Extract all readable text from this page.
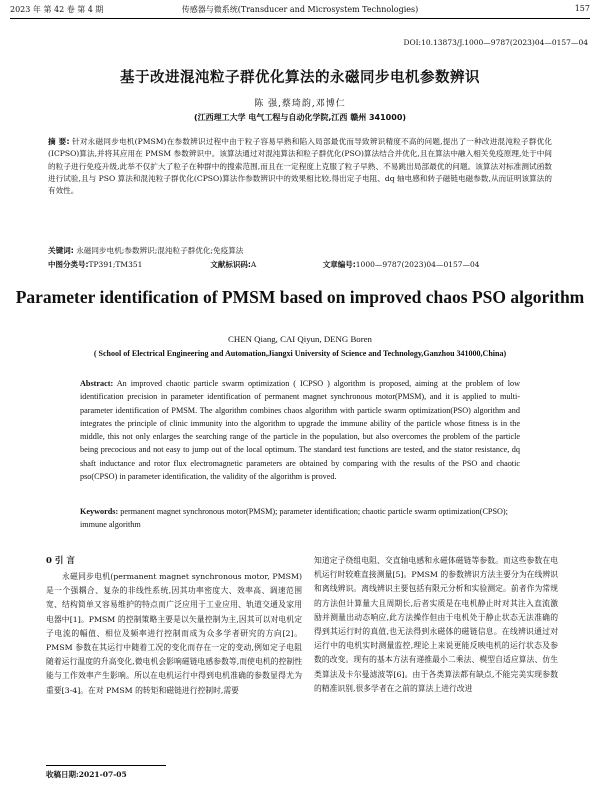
2023 年 第 42 卷 第 4 期	传感器与微系统(Transducer and Microsystem Technologies)	157
DOI:10.13873/J.1000—9787(2023)04—0157—04
基于改进混沌粒子群优化算法的永磁同步电机参数辨识
陈 强,蔡琦韵,邓博仁
(江西理工大学 电气工程与自动化学院,江西 赣州 341000)
摘 要: 针对永磁同步电机(PMSM)在参数辨识过程中由于粒子容易早熟和陷入局部最优而导致辨识精度不高的问题,提出了一种改进混沌粒子群优化(ICPSO)算法,并将其应用在 PMSM 参数辨识中。该算法通过对混沌算法和粒子群优化(PSO)算法结合并优化,且在算法中融入相关免疫原理,处于中间的粒子进行免疫升级,此举不仅扩大了粒子在种群中的搜索范围,而且在一定程度上克服了粒子早熟、不易跳出局部最优的问题。该算法对标准测试函数进行试验,且与 PSO 算法和混沌粒子群优化(CPSO)算法作参数辨识中的效果相比较,得出定子电阻、dq 轴电感和转子磁链电磁参数,从而证明该算法的有效性。
关键词: 永磁同步电机;参数辨识;混沌粒子群优化;免疫算法
中图分类号:TP391;TM351	文献标识码:A	文章编号:1000—9787(2023)04—0157—04
Parameter identification of PMSM based on improved chaos PSO algorithm
CHEN Qiang, CAI Qiyun, DENG Boren
( School of Electrical Engineering and Automation,Jiangxi University of Science and Technology,Ganzhou 341000,China)
Abstract: An improved chaotic particle swarm optimization ( ICPSO ) algorithm is proposed, aiming at the problem of low identification precision in parameter identification of permanent magnet synchronous motor(PMSM), and it is applied to multi-parameter identification of PMSM. The algorithm combines chaos algorithm with particle swarm optimization(PSO) algorithm and integrates the principle of clinic immunity into the algorithm to upgrade the immune ability of the particle whose fitness is in the middle, this not only enlarges the searching range of the particle in the population, but also overcomes the problem of the particle being precocious and not easy to jump out of the local optimum. The standard test functions are tested, and the stator resistance, dq shaft inductance and rotor flux electromagnetic parameters are obtained by comparing with the results of the PSO and chaotic pso(CPSO) in parameter identification, the validity of the algorithm is proved.
Keywords: permanent magnet synchronous motor(PMSM); parameter identification; chaotic particle swarm optimization(CPSO); immune algorithm
0 引 言
永磁同步电机(permanent magnet synchronous motor, PMSM)是一个强耦合、复杂的非线性系统,因其功率密度大、效率高、调速范围宽、结构简单又容易维护的特点而广泛应用于工业应用、轨道交通及家用电器中[1]。PMSM 的控制策略主要是以矢量控制为主,因其可以对电机定子电流的幅值、相位及频率进行控制而成为众多学者研究的方向[2]。PMSM 参数在其运行中随着工况的变化而存在一定的变动,例如定子电阻随着运行温度的升高变化,微电机会影响磁链电感参数等,而使电机的控制性能与工作效率产生影响。所以在电机运行中得到电机准确的参数显得尤为重要[3-4]。在对 PMSM 的转矩和磁链进行控制时,需要
知道定子绕组电阻、交直轴电感和永磁体磁链等参数。而这些参数在电机运行时较难直接测量[5]。PMSM 的参数辨识方法主要分为在线辨识和离线辨识。离线辨识主要包括有限元分析和实验测定。前者作为常规的方法但计算量大且周期长,后者实质是在电机静止时对其注入直流激励并测量出动态响应,此方法操作但由于电机处于静止状态无法准确的得到其运行时的真值,也无法得到永磁体的磁链信息。在线辨识通过对运行中的电机实时测量监控,理论上来说更能反映电机的运行状态及参数的改变。现有的基本方法有递推最小二乘法、模型自适应算法、仿生类算法及卡尔曼滤波等[6]。由于各类算法都有缺点,不能完美实现参数的精准识别,很多学者在之前的算法上进行改进
收稿日期:2021-07-05
